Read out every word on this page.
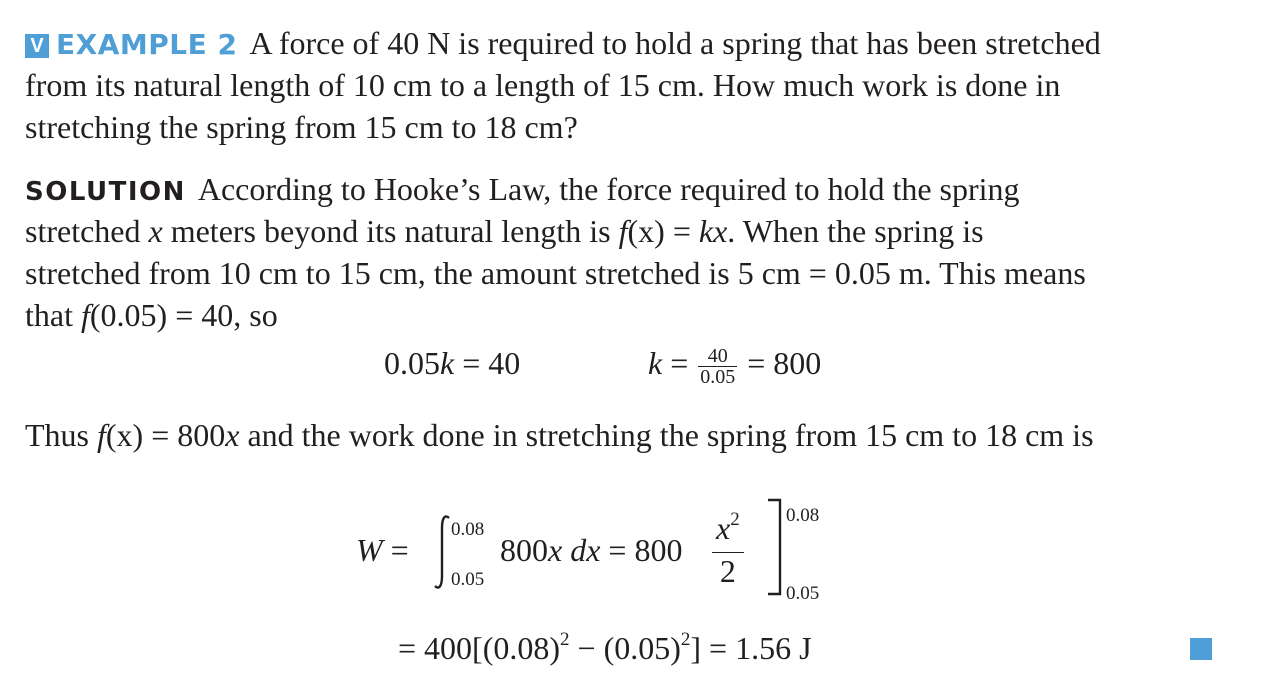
V EXAMPLE 2 A force of 40 N is required to hold a spring that has been stretched
from its natural length of 10 cm to a length of 15 cm. How much work is done in
stretching the spring from 15 cm to 18 cm?
SOLUTION According to Hooke’s Law, the force required to hold the spring
stretched x meters beyond its natural length is f(x) = kx. When the spring is
stretched from 10 cm to 15 cm, the amount stretched is 5 cm = 0.05 m. This means
that f(0.05) = 40, so
0.05k = 40	$k = \frac{40}{0.05} = 800$
Thus f(x) = 800x and the work done in stretching the spring from 15 cm to 18 cm is
W =
0.08
0.05
800x dx = $800 \frac{x^2}{2} 0.08$
0.05
= $400[(0.08)^2 - (0.05)^2] = 1.56$ J
